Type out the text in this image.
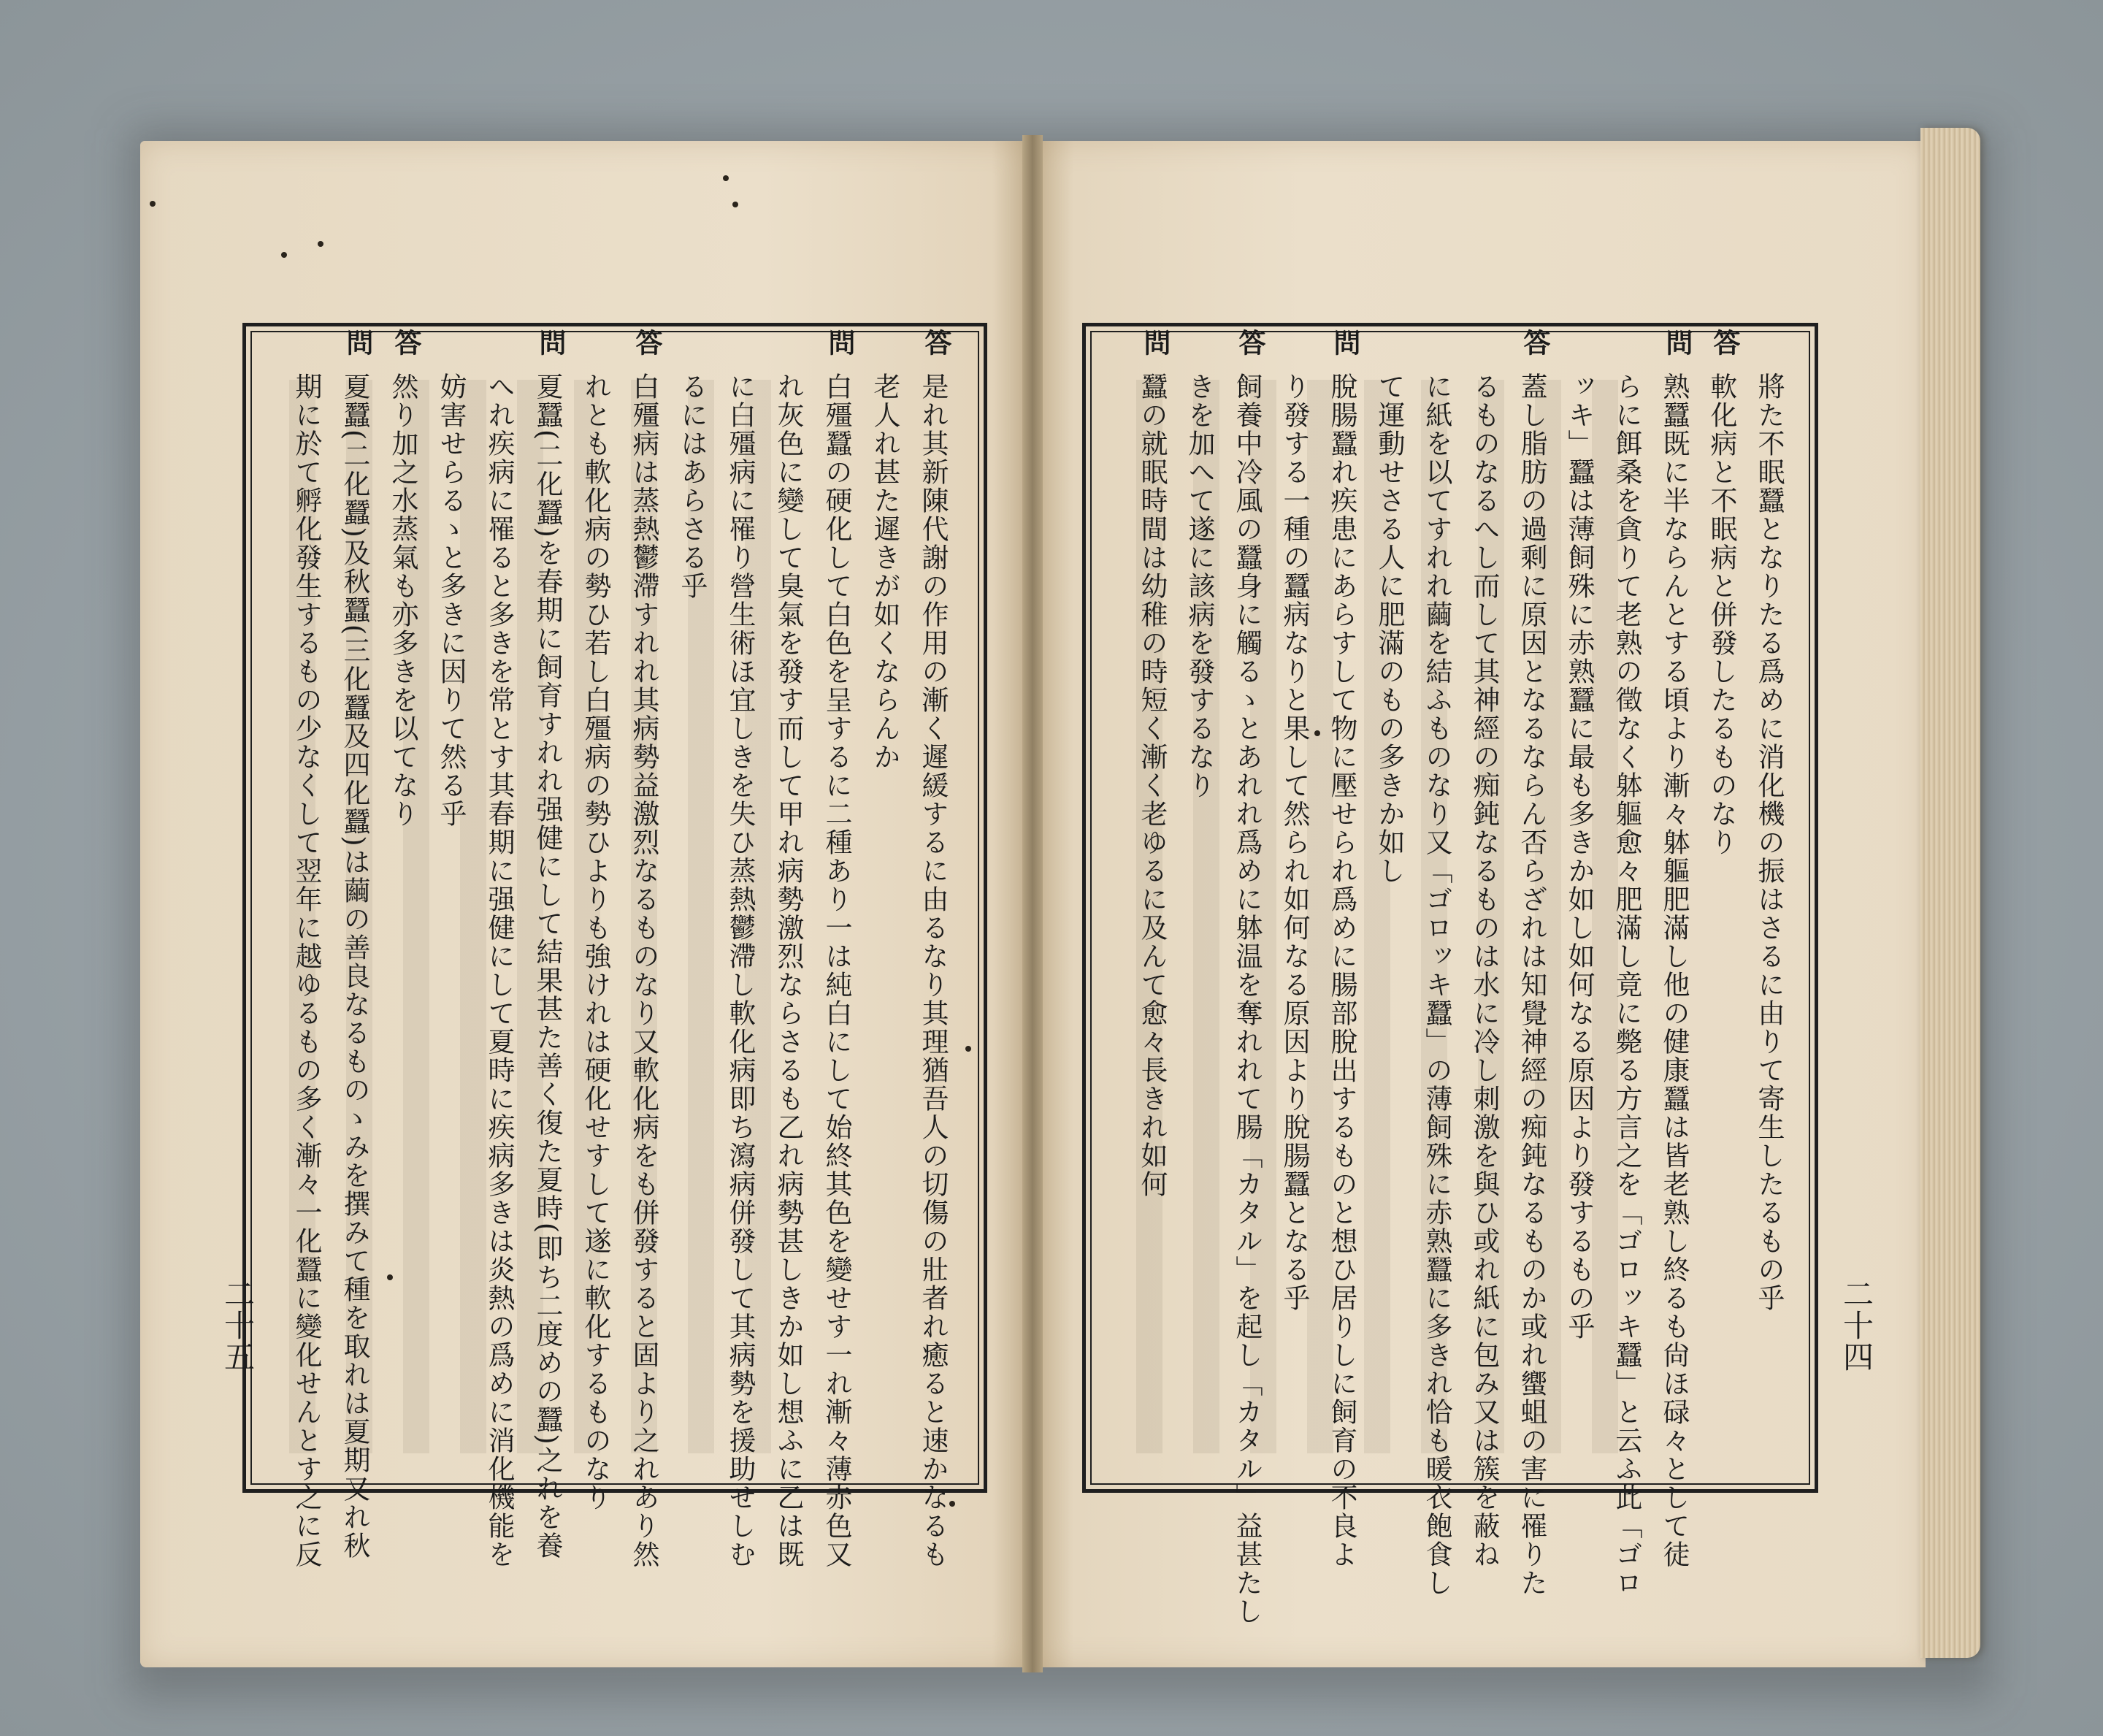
將た不眠蠶となりたる爲めに消化機の振はさるに由りて寄生したるもの乎
軟化病と不眠病と併發したるものなり
答
熟蠶既に半ならんとする頃より漸々躰軀肥滿し他の健康蠶は皆老熟し終るも尙ほ碌々として徒
問
らに餌桑を貪りて老熟の徵なく躰軀愈々肥滿し竟に斃る方言之を「ゴロッキ蠶」と云ふ此「ゴロ
ッキ」蠶は薄飼殊に赤熟蠶に最も多きか如し如何なる原因より發するもの乎
蓋し脂肪の過剩に原因となるならん否らざれは知覺神經の痴鈍なるものか或れ蠁蛆の害に罹りた
答
るものなるへし而して其神經の痴鈍なるものは水に冷し刺激を與ひ或れ紙に包み又は簇を蔽ね
に紙を以てすれれ繭を結ふものなり又「ゴロッキ蠶」の薄飼殊に赤熟蠶に多きれ恰も暖衣飽食し
て運動せさる人に肥滿のもの多きか如し
脫腸蠶れ疾患にあらすして物に壓せられ爲めに腸部脫出するものと想ひ居りしに飼育の不良よ
問
り發する一種の蠶病なりと果して然られ如何なる原因より脫腸蠶となる乎
飼養中冷風の蠶身に觸るゝとあれれ爲めに躰温を奪れれて腸「カタル」を起し「カタル」益甚たし
答
きを加へて遂に該病を發するなり
蠶の就眠時間は幼稚の時短く漸く老ゆるに及んて愈々長きれ如何
問
是れ其新陳代謝の作用の漸く遲緩するに由るなり其理猶吾人の切傷の壯者れ癒ると速かなるも
答
老人れ甚た遲きが如くならんか
白殭蠶の硬化して白色を呈するに二種あり一は純白にして始終其色を變せす一れ漸々薄赤色又
問
れ灰色に變して臭氣を發す而して甲れ病勢激烈ならさるも乙れ病勢甚しきか如し想ふに乙は既
に白殭病に罹り營生術ほ宜しきを失ひ蒸熱鬱滯し軟化病即ち瀉病併發して其病勢を援助せしむ
るにはあらさる乎
白殭病は蒸熱鬱滯すれれ其病勢益激烈なるものなり又軟化病をも併發すると固より之れあり然
答
れとも軟化病の勢ひ若し白殭病の勢ひよりも強けれは硬化せすして遂に軟化するものなり
夏蠶(二化蠶)を春期に飼育すれれ强健にして結果甚た善く復た夏時(即ち二度めの蠶)之れを養
問
へれ疾病に罹ると多きを常とす其春期に强健にして夏時に疾病多きは炎熱の爲めに消化機能を
妨害せらるゝと多きに因りて然る乎
然り加之水蒸氣も亦多きを以てなり
答
夏蠶(二化蠶)及秋蠶(三化蠶及四化蠶)は繭の善良なるものゝみを撰みて種を取れは夏期又れ秋
問
期に於て孵化發生するもの少なくして翌年に越ゆるもの多く漸々一化蠶に變化せんとす之に反	二十四
二十五
